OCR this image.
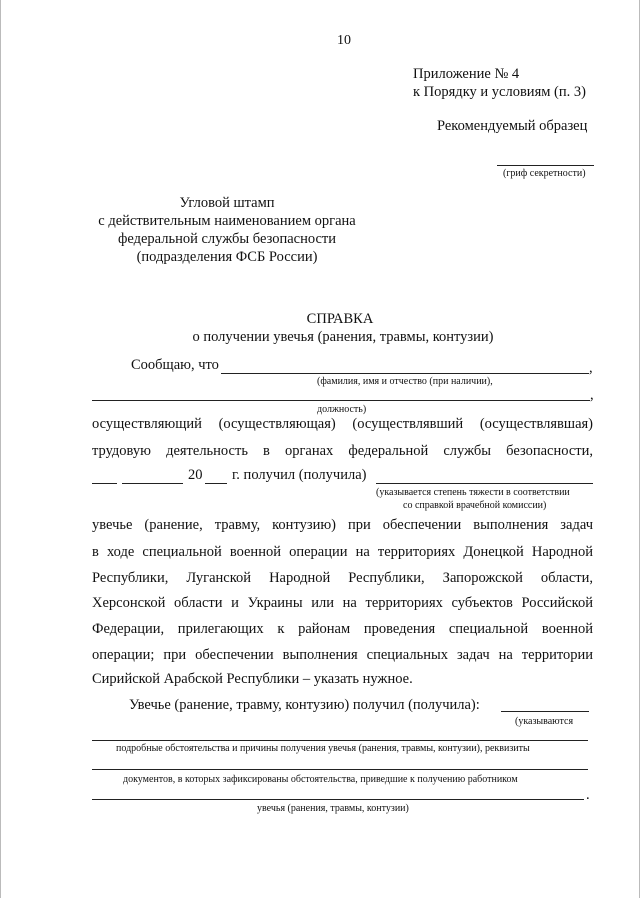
10
Приложение № 4
к Порядку и условиям (п. 3)
Рекомендуемый образец
(гриф секретности)
Угловой штамп
с действительным наименованием органа
федеральной службы безопасности
(подразделения ФСБ России)
СПРАВКА
о получении увечья (ранения, травмы, контузии)
Сообщаю, что	,
(фамилия, имя и отчество (при наличии),
,
должность)
осуществляющий (осуществляющая) (осуществлявший (осуществлявшая)
трудовую деятельность в органах федеральной службы безопасности,
20 г. получил (получила)
(указывается степень тяжести в соответствии
со справкой врачебной комиссии)
увечье (ранение, травму, контузию) при обеспечении выполнения задач
в ходе специальной военной операции на территориях Донецкой Народной
Республики, Луганской Народной Республики, Запорожской области,
Херсонской области и Украины или на территориях субъектов Российской
Федерации, прилегающих к районам проведения специальной военной
операции; при обеспечении выполнения специальных задач на территории
Сирийской Арабской Республики – указать нужное.
Увечье (ранение, травму, контузию) получил (получила):
(указываются
подробные обстоятельства и причины получения увечья (ранения, травмы, контузии), реквизиты
документов, в которых зафиксированы обстоятельства, приведшие к получению работником
.
увечья (ранения, травмы, контузии)
